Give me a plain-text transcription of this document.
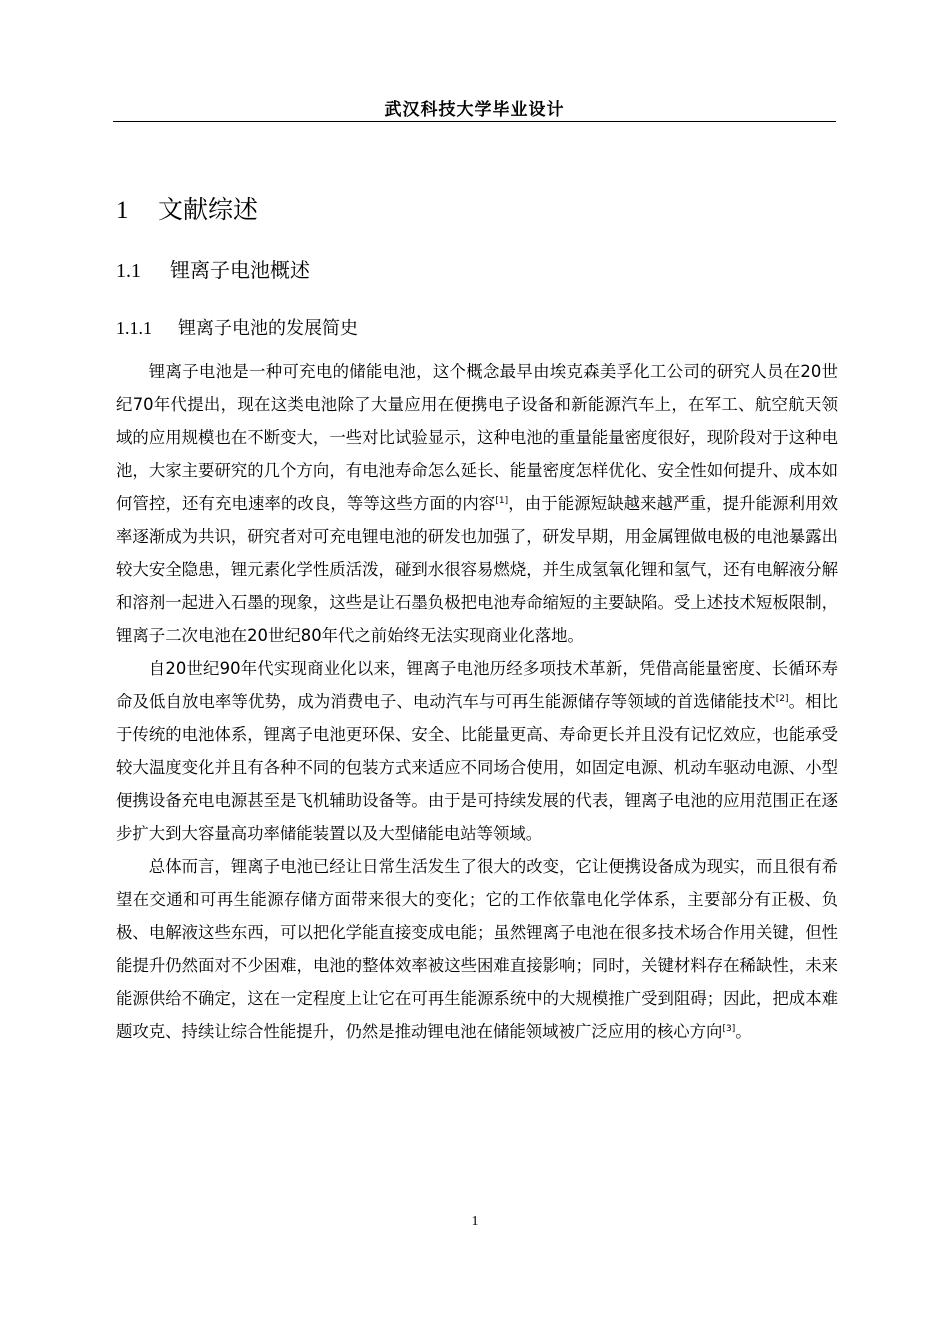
武汉科技大学毕业设计
1 文献综述
1.1 锂离子电池概述
1.1.1 锂离子电池的发展简史

锂离子电池是一种可充电的储能电池，这个概念最早由埃克森美孚化工公司的研究人员在20世纪70年代提出，现在这类电池除了大量应用在便携电子设备和新能源汽车上，在军工、航空航天领域的应用规模也在不断变大，一些对比试验显示，这种电池的重量能量密度很好，现阶段对于这种电池，大家主要研究的几个方向，有电池寿命怎么延长、能量密度怎样优化、安全性如何提升、成本如何管控，还有充电速率的改良，等等这些方面的内容[1]，由于能源短缺越来越严重，提升能源利用效率逐渐成为共识，研究者对可充电锂电池的研发也加强了，研发早期，用金属锂做电极的电池暴露出较大安全隐患，锂元素化学性质活泼，碰到水很容易燃烧，并生成氢氧化锂和氢气，还有电解液分解和溶剂一起进入石墨的现象，这些是让石墨负极把电池寿命缩短的主要缺陷。受上述技术短板限制，锂离子二次电池在20世纪80年代之前始终无法实现商业化落地。

自20世纪90年代实现商业化以来，锂离子电池历经多项技术革新，凭借高能量密度、长循环寿命及低自放电率等优势，成为消费电子、电动汽车与可再生能源储存等领域的首选储能技术[2]。相比于传统的电池体系，锂离子电池更环保、安全、比能量更高、寿命更长并且没有记忆效应，也能承受较大温度变化并且有各种不同的包装方式来适应不同场合使用，如固定电源、机动车驱动电源、小型便携设备充电电源甚至是飞机辅助设备等。由于是可持续发展的代表，锂离子电池的应用范围正在逐步扩大到大容量高功率储能装置以及大型储能电站等领域。

总体而言，锂离子电池已经让日常生活发生了很大的改变，它让便携设备成为现实，而且很有希望在交通和可再生能源存储方面带来很大的变化；它的工作依靠电化学体系，主要部分有正极、负极、电解液这些东西，可以把化学能直接变成电能；虽然锂离子电池在很多技术场合作用关键，但性能提升仍然面对不少困难，电池的整体效率被这些困难直接影响；同时，关键材料存在稀缺性，未来能源供给不确定，这在一定程度上让它在可再生能源系统中的大规模推广受到阻碍；因此，把成本难题攻克、持续让综合性能提升，仍然是推动锂电池在储能领域被广泛应用的核心方向[3]。

1
